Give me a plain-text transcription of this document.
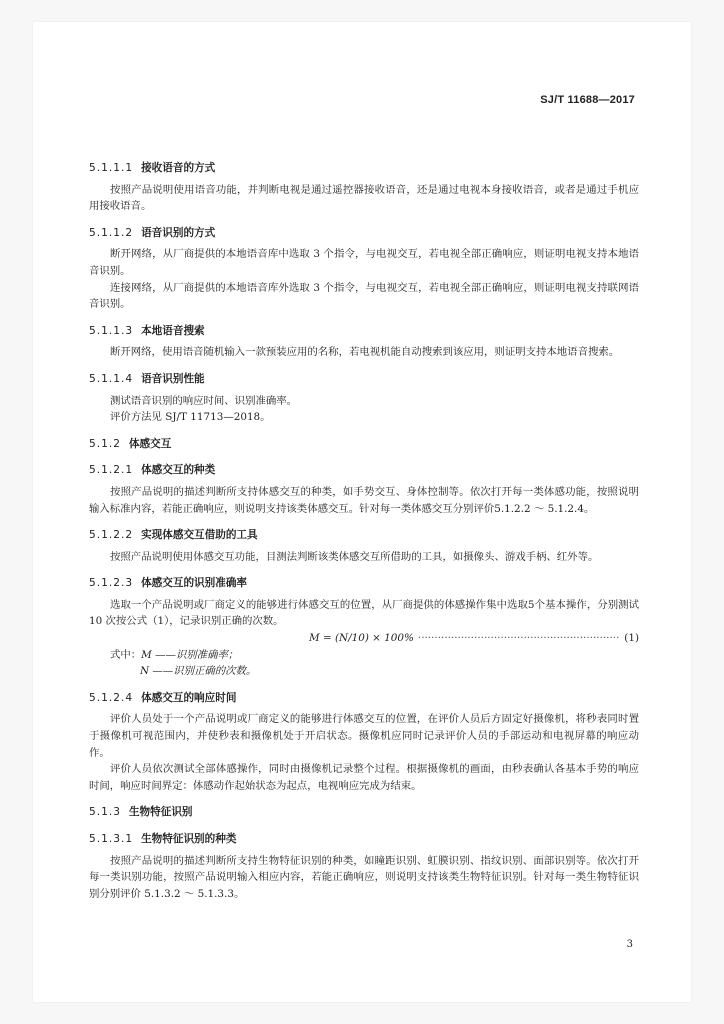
SJ/T 11688—2017
5.1.1.1 接收语音的方式

按照产品说明使用语音功能，并判断电视是通过遥控器接收语音，还是通过电视本身接收语音，或者是通过手机应用接收语音。

5.1.1.2 语音识别的方式

断开网络，从厂商提供的本地语音库中选取 3 个指令，与电视交互，若电视全部正确响应，则证明电视支持本地语音识别。

连接网络，从厂商提供的本地语音库外选取 3 个指令，与电视交互，若电视全部正确响应，则证明电视支持联网语音识别。

5.1.1.3 本地语音搜索

断开网络，使用语音随机输入一款预装应用的名称，若电视机能自动搜索到该应用，则证明支持本地语音搜索。

5.1.1.4 语音识别性能

测试语音识别的响应时间、识别准确率。

评价方法见 SJ/T 11713—2018。

5.1.2 体感交互
5.1.2.1 体感交互的种类

按照产品说明的描述判断所支持体感交互的种类，如手势交互、身体控制等。依次打开每一类体感功能，按照说明输入标准内容，若能正确响应，则说明支持该类体感交互。针对每一类体感交互分别评价5.1.2.2 ～ 5.1.2.4。

5.1.2.2 实现体感交互借助的工具

按照产品说明使用体感交互功能，目测法判断该类体感交互所借助的工具，如摄像头、游戏手柄、红外等。

5.1.2.3 体感交互的识别准确率

选取一个产品说明或厂商定义的能够进行体感交互的位置，从厂商提供的体感操作集中选取5个基本操作，分别测试 10 次按公式（1），记录识别正确的次数。

M = (N/10) × 100%
·····	(1)

式中：M ——识别准确率；

N ——识别正确的次数。

5.1.2.4 体感交互的响应时间

评价人员处于一个产品说明或厂商定义的能够进行体感交互的位置，在评价人员后方固定好摄像机，将秒表同时置于摄像机可视范围内，并使秒表和摄像机处于开启状态。摄像机应同时记录评价人员的手部运动和电视屏幕的响应动作。

评价人员依次测试全部体感操作，同时由摄像机记录整个过程。根据摄像机的画面，由秒表确认各基本手势的响应时间，响应时间界定：体感动作起始状态为起点，电视响应完成为结束。

5.1.3 生物特征识别
5.1.3.1 生物特征识别的种类

按照产品说明的描述判断所支持生物特征识别的种类，如瞳距识别、虹膜识别、指纹识别、面部识别等。依次打开每一类识别功能，按照产品说明输入相应内容，若能正确响应，则说明支持该类生物特征识别。针对每一类生物特征识别分别评价 5.1.3.2 ～ 5.1.3.3。

3
